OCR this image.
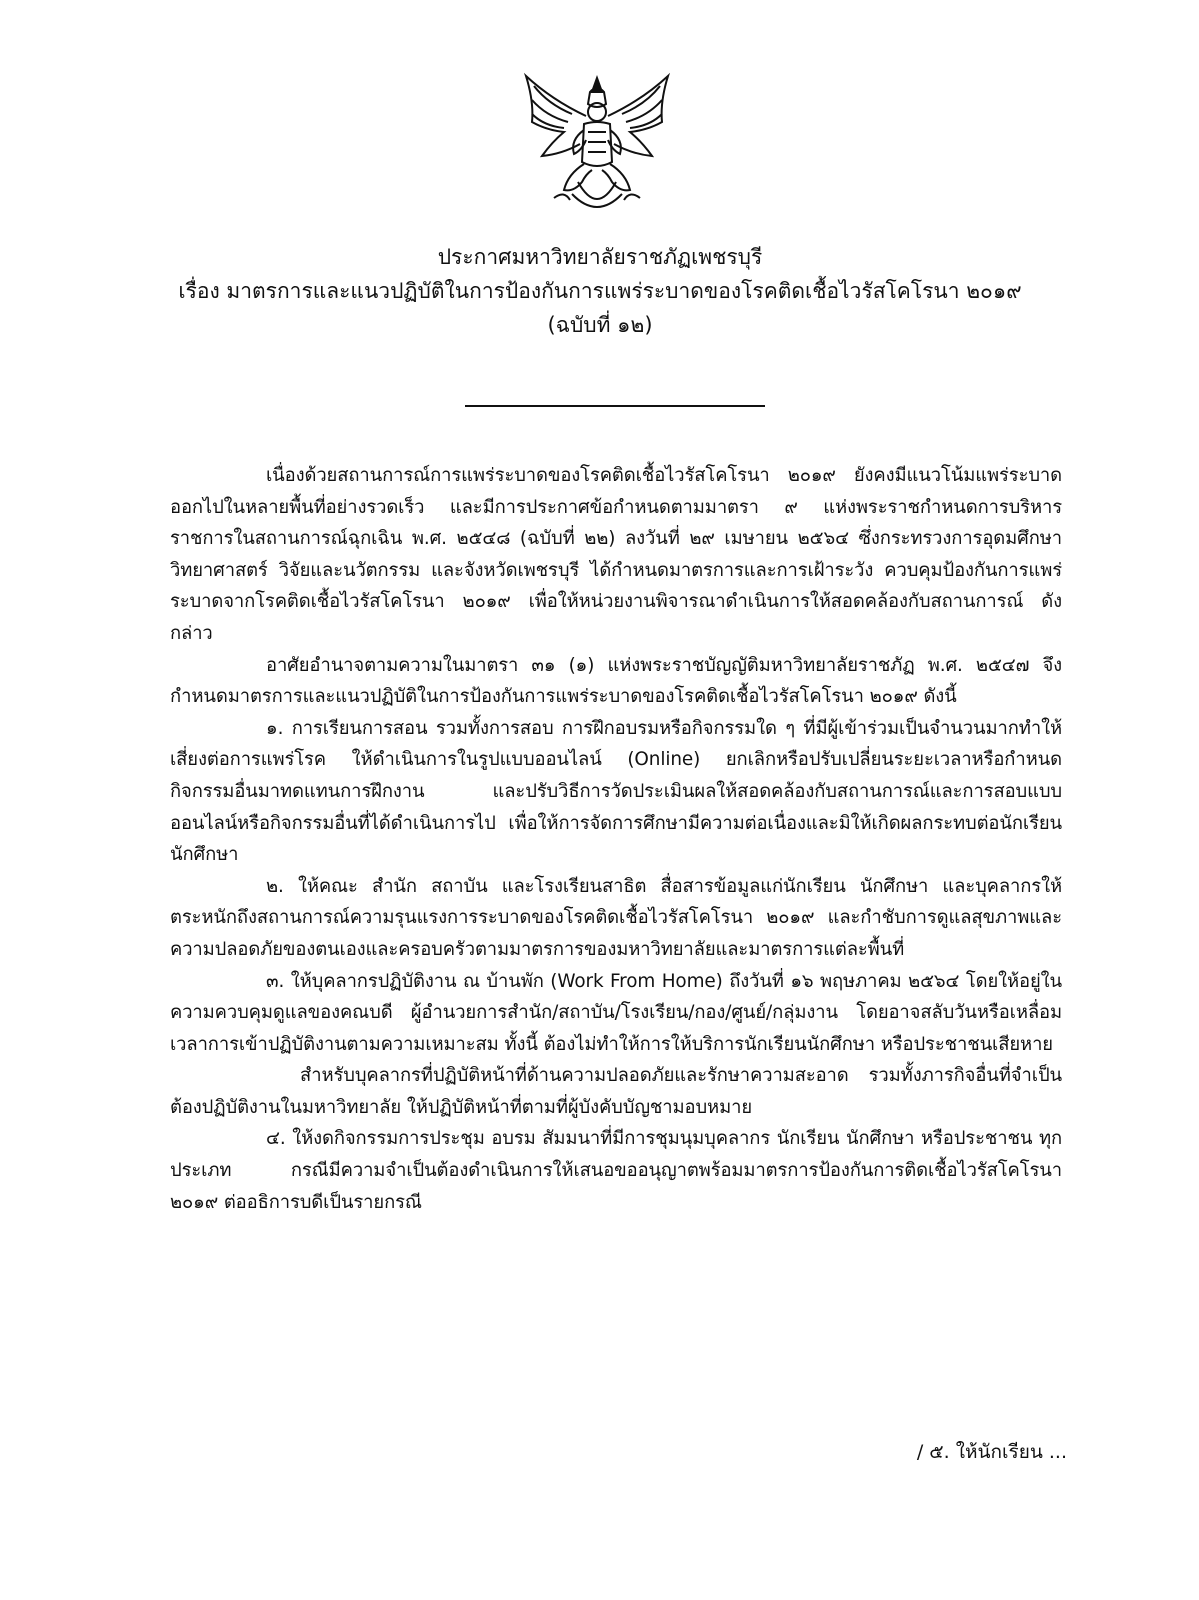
ประกาศมหาวิทยาลัยราชภัฏเพชรบุรี
เรื่อง มาตรการและแนวปฏิบัติในการป้องกันการแพร่ระบาดของโรคติดเชื้อไวรัสโคโรนา ๒๐๑๙
(ฉบับที่ ๑๒)

เนื่องด้วยสถานการณ์การแพร่ระบาดของโรคติดเชื้อไวรัสโคโรนา ๒๐๑๙ ยังคงมีแนวโน้มแพร่ระบาดออกไปในหลายพื้นที่อย่างรวดเร็ว และมีการประกาศข้อกำหนดตามมาตรา ๙ แห่งพระราชกำหนดการบริหารราชการในสถานการณ์ฉุกเฉิน พ.ศ. ๒๕๔๘ (ฉบับที่ ๒๒) ลงวันที่ ๒๙ เมษายน ๒๕๖๔ ซึ่งกระทรวงการอุดมศึกษา วิทยาศาสตร์ วิจัยและนวัตกรรม และจังหวัดเพชรบุรี ได้กำหนดมาตรการและการเฝ้าระวัง ควบคุมป้องกันการแพร่ระบาดจากโรคติดเชื้อไวรัสโคโรนา ๒๐๑๙ เพื่อให้หน่วยงานพิจารณาดำเนินการให้สอดคล้องกับสถานการณ์ ดังกล่าว

อาศัยอำนาจตามความในมาตรา ๓๑ (๑) แห่งพระราชบัญญัติมหาวิทยาลัยราชภัฏ พ.ศ. ๒๕๔๗ จึงกำหนดมาตรการและแนวปฏิบัติในการป้องกันการแพร่ระบาดของโรคติดเชื้อไวรัสโคโรนา ๒๐๑๙ ดังนี้

๑. การเรียนการสอน รวมทั้งการสอบ การฝึกอบรมหรือกิจกรรมใด ๆ ที่มีผู้เข้าร่วมเป็นจำนวนมากทำให้เสี่ยงต่อการแพร่โรค ให้ดำเนินการในรูปแบบออนไลน์ (Online) ยกเลิกหรือปรับเปลี่ยนระยะเวลาหรือกำหนดกิจกรรมอื่นมาทดแทนการฝึกงาน และปรับวิธีการวัดประเมินผลให้สอดคล้องกับสถานการณ์และการสอบแบบออนไลน์หรือกิจกรรมอื่นที่ได้ดำเนินการไป เพื่อให้การจัดการศึกษามีความต่อเนื่องและมิให้เกิดผลกระทบต่อนักเรียน นักศึกษา

๒. ให้คณะ สำนัก สถาบัน และโรงเรียนสาธิต สื่อสารข้อมูลแก่นักเรียน นักศึกษา และบุคลากรให้ตระหนักถึงสถานการณ์ความรุนแรงการระบาดของโรคติดเชื้อไวรัสโคโรนา ๒๐๑๙ และกำชับการดูแลสุขภาพและความปลอดภัยของตนเองและครอบครัวตามมาตรการของมหาวิทยาลัยและมาตรการแต่ละพื้นที่

๓. ให้บุคลากรปฏิบัติงาน ณ บ้านพัก (Work From Home) ถึงวันที่ ๑๖ พฤษภาคม ๒๕๖๔ โดยให้อยู่ในความควบคุมดูแลของคณบดี ผู้อำนวยการสำนัก/สถาบัน/โรงเรียน/กอง/ศูนย์/กลุ่มงาน โดยอาจสลับวันหรือเหลื่อมเวลาการเข้าปฏิบัติงานตามความเหมาะสม ทั้งนี้ ต้องไม่ทำให้การให้บริการนักเรียนนักศึกษา หรือประชาชนเสียหาย

สำหรับบุคลากรที่ปฏิบัติหน้าที่ด้านความปลอดภัยและรักษาความสะอาด รวมทั้งภารกิจอื่นที่จำเป็นต้องปฏิบัติงานในมหาวิทยาลัย ให้ปฏิบัติหน้าที่ตามที่ผู้บังคับบัญชามอบหมาย

๔. ให้งดกิจกรรมการประชุม อบรม สัมมนาที่มีการชุมนุมบุคลากร นักเรียน นักศึกษา หรือประชาชน ทุกประเภท กรณีมีความจำเป็นต้องดำเนินการให้เสนอขออนุญาตพร้อมมาตรการป้องกันการติดเชื้อไวรัสโคโรนา ๒๐๑๙ ต่ออธิการบดีเป็นรายกรณี

/ ๕. ให้นักเรียน ...
